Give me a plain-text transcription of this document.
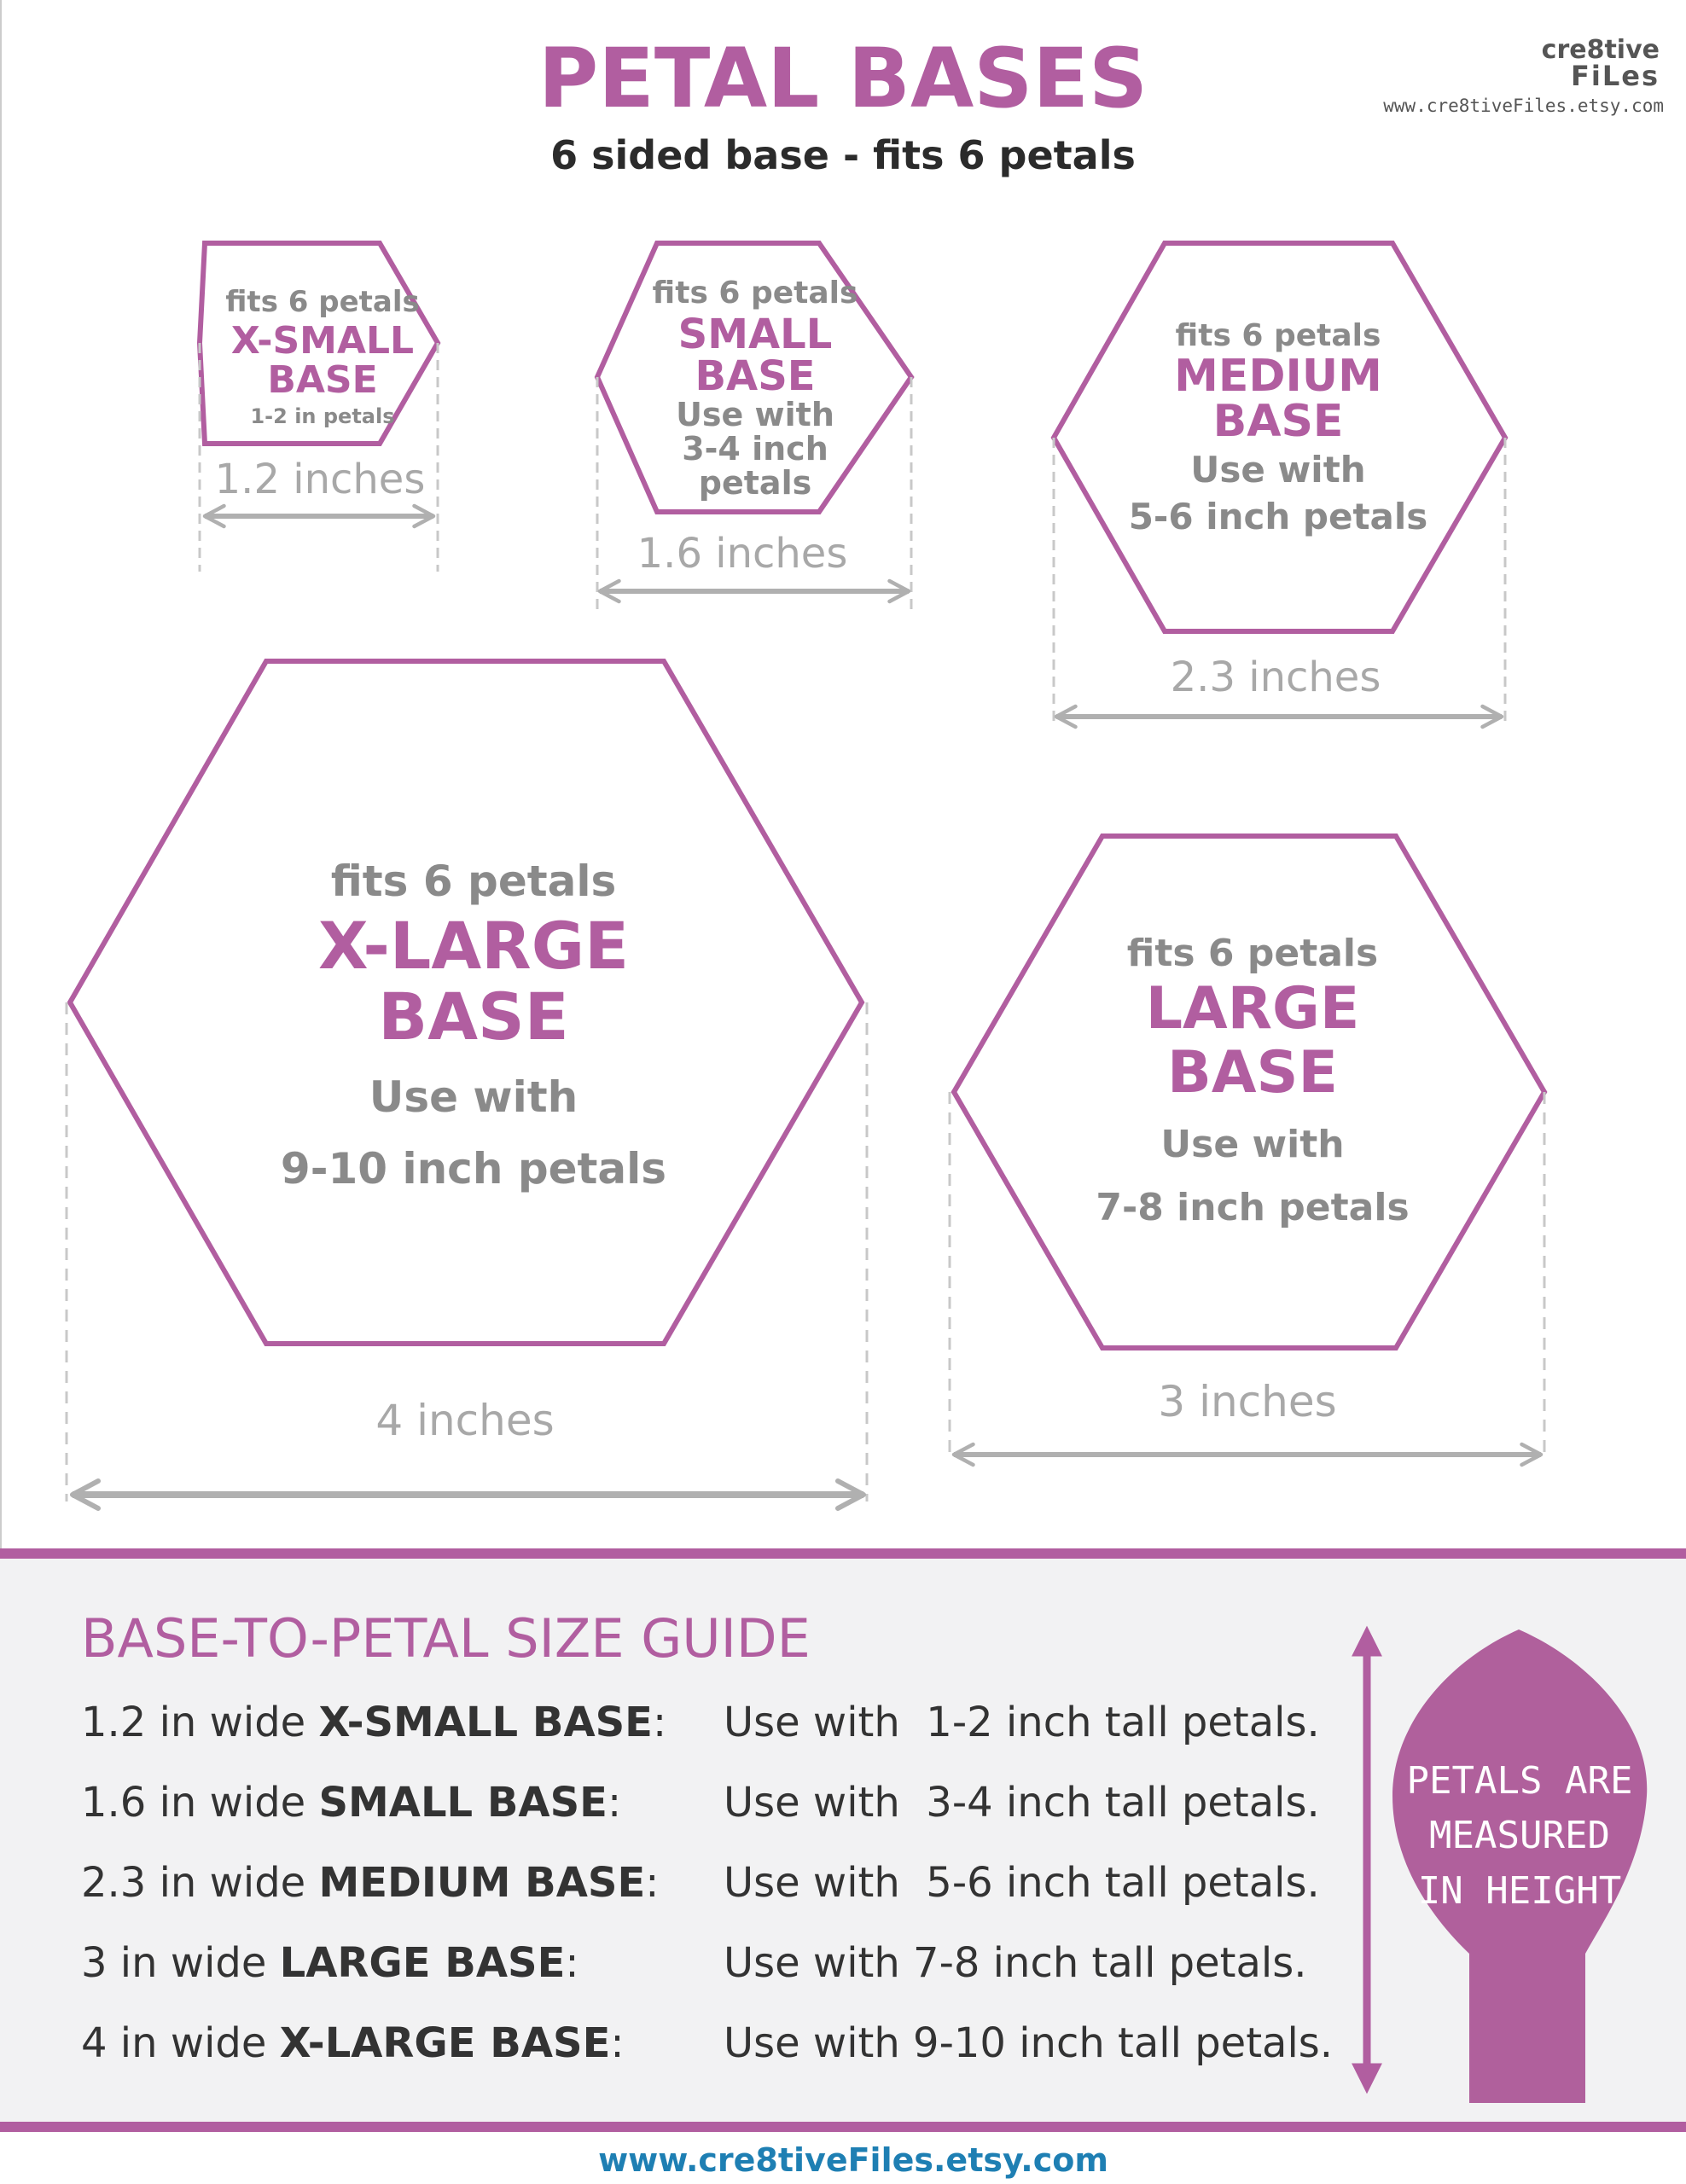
PETAL BASES
6 sided base - fits 6 petals
cre8tive
FiLes
www.cre8tiveFiles.etsy.com
fits 6 petals
X-SMALL
BASE
1-2 in petals
1.2 inches
fits 6 petals
SMALL
BASE
Use with
3-4 inch
petals
1.6 inches
fits 6 petals
MEDIUM
BASE
Use with
5-6 inch petals
2.3 inches
fits 6 petals
X-LARGE
BASE
Use with
9-10 inch petals
4 inches
fits 6 petals
LARGE
BASE
Use with
7-8 inch petals
3 inches
BASE-TO-PETAL SIZE GUIDE
1.2 in wide X-SMALL BASE: Use with  1-2 inch tall petals.
1.6 in wide SMALL BASE: Use with  3-4 inch tall petals.
2.3 in wide MEDIUM BASE: Use with  5-6 inch tall petals.
3 in wide LARGE BASE:	Use with 7-8 inch tall petals.
4 in wide X-LARGE BASE: Use with 9-10 inch tall petals.
PETALS ARE
MEASURED
IN HEIGHT
www.cre8tiveFiles.etsy.com
